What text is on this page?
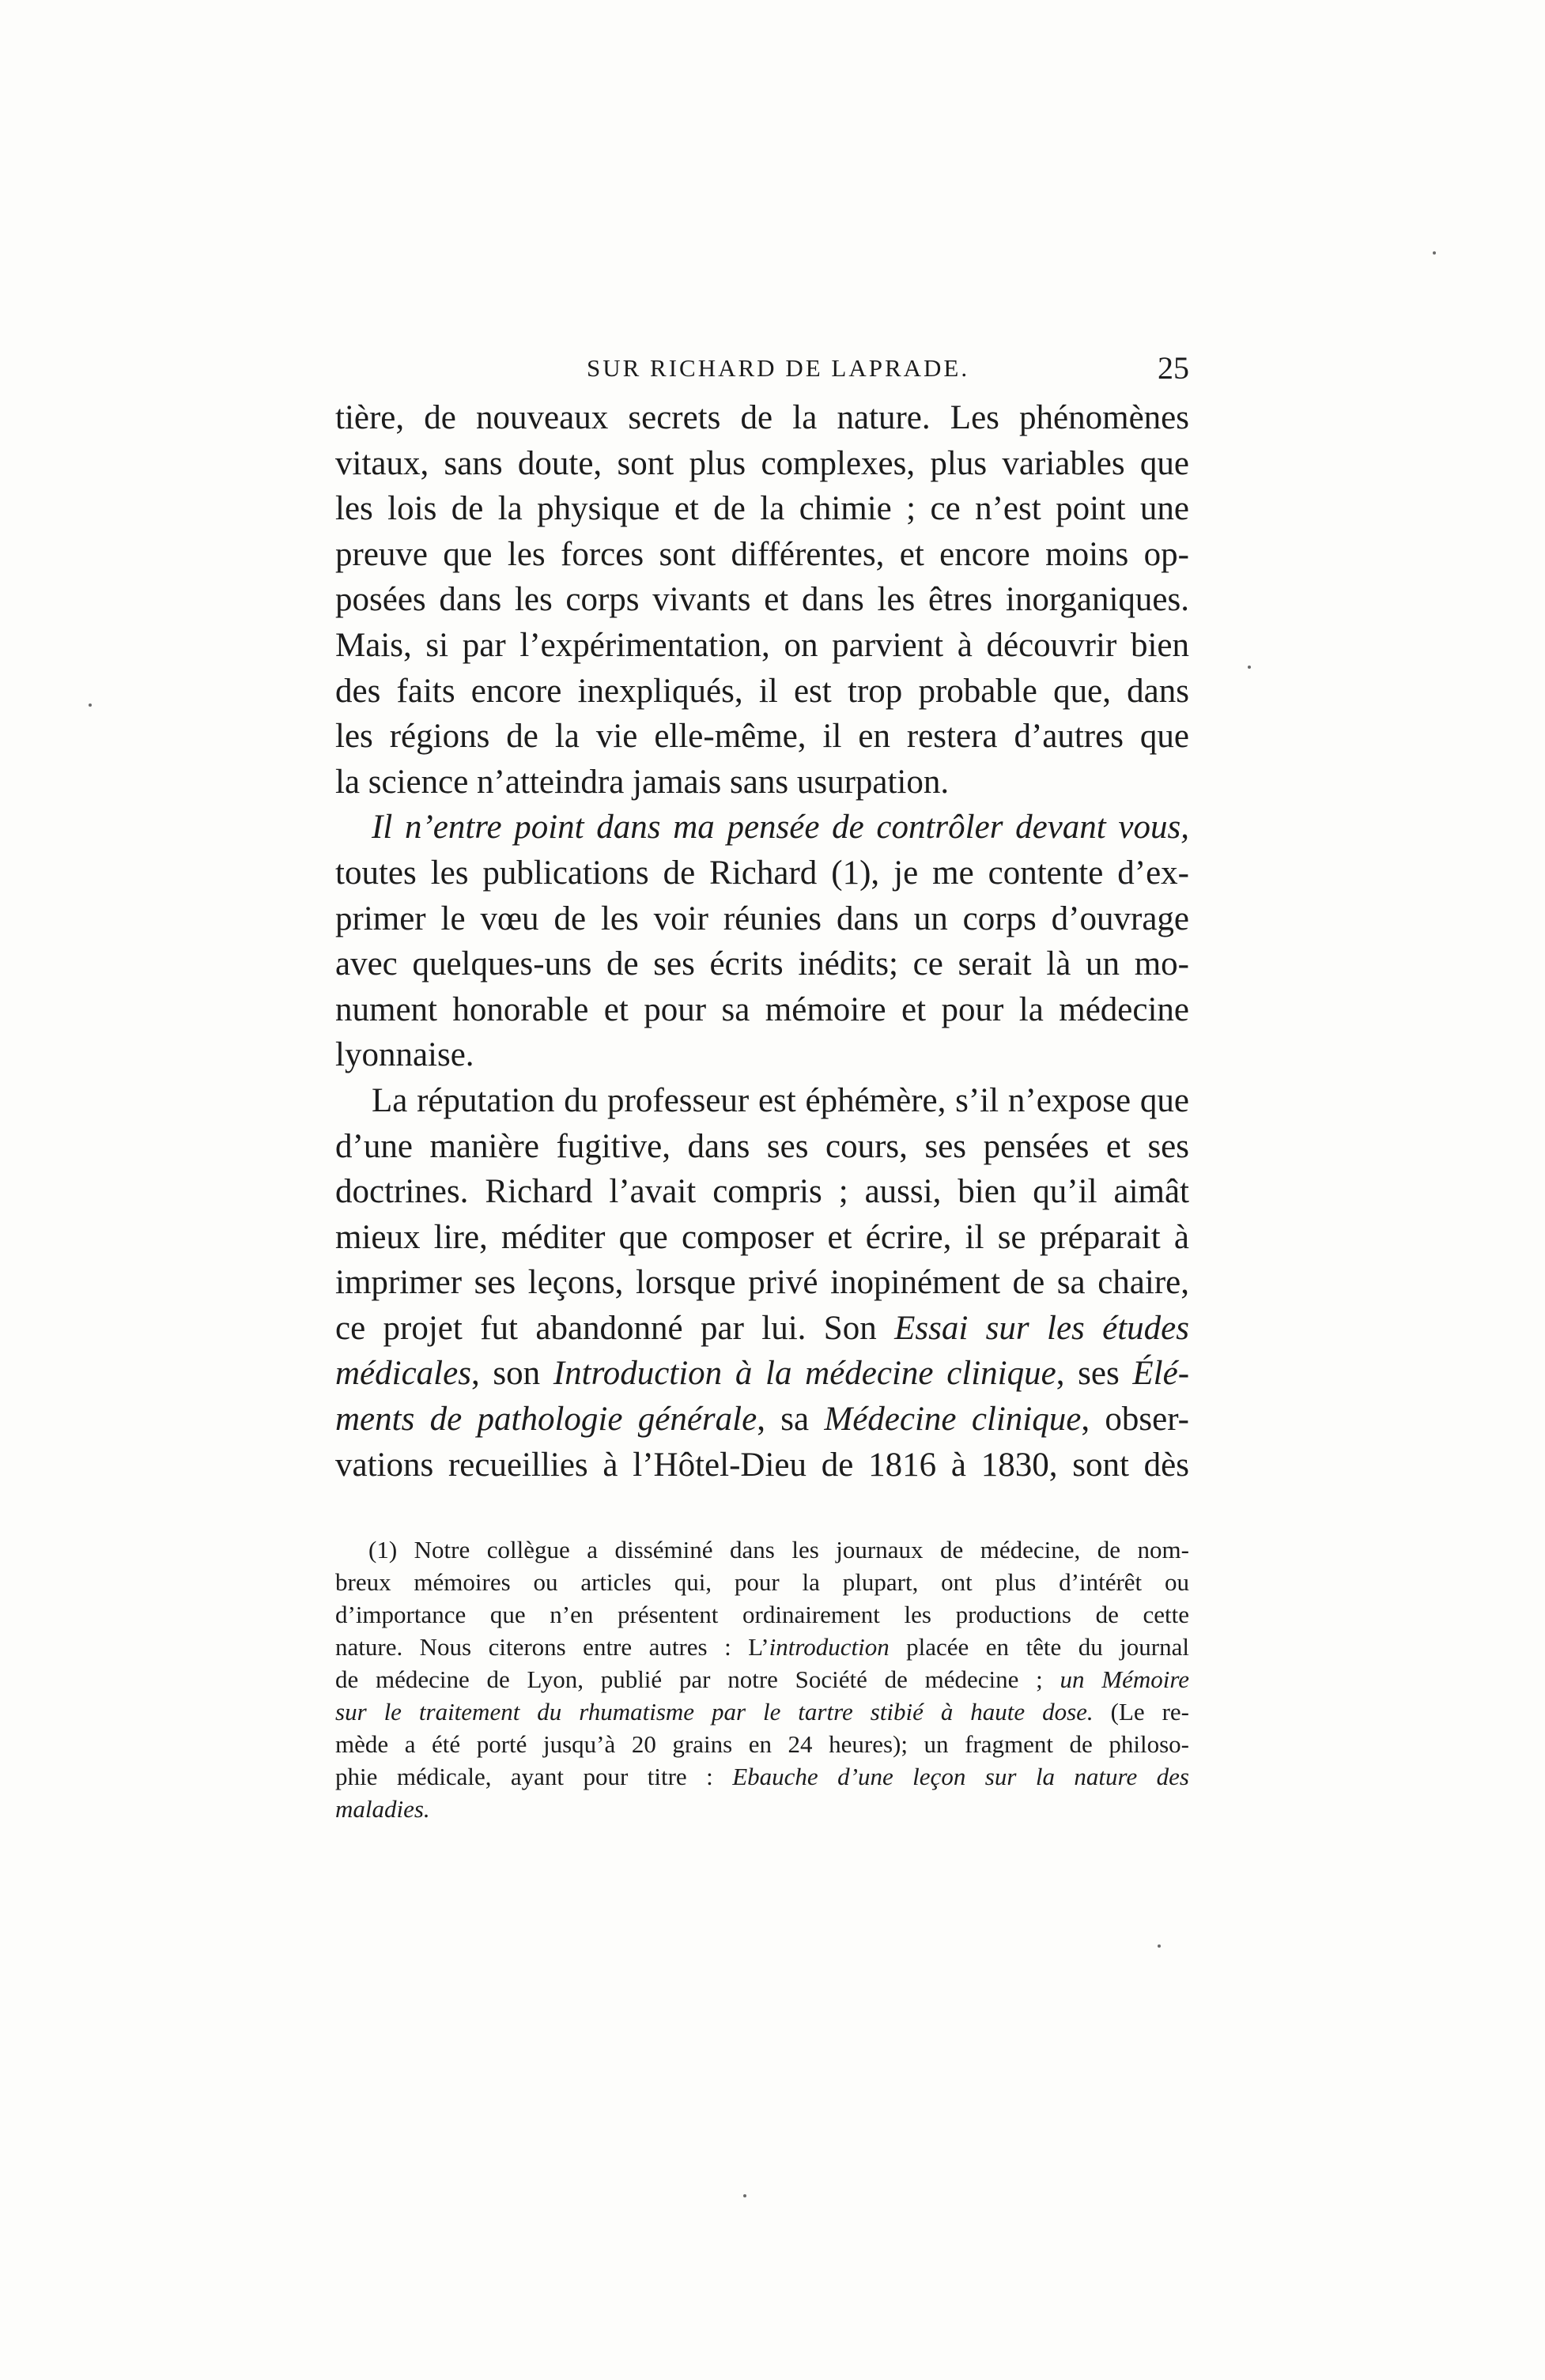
SUR RICHARD DE LAPRADE.	25
tière, de nouveaux secrets de la nature. Les phénomènes
vitaux, sans doute, sont plus complexes, plus variables que
les lois de la physique et de la chimie ; ce n’est point une
preuve que les forces sont différentes, et encore moins op-
posées dans les corps vivants et dans les êtres inorganiques.
Mais, si par l’expérimentation, on parvient à découvrir bien
des faits encore inexpliqués, il est trop probable que, dans
les régions de la vie elle-même, il en restera d’autres que
la science n’atteindra jamais sans usurpation.
Il n’entre point dans ma pensée de contrôler devant vous,
toutes les publications de Richard (1), je me contente d’ex-
primer le vœu de les voir réunies dans un corps d’ouvrage
avec quelques-uns de ses écrits inédits; ce serait là un mo-
nument honorable et pour sa mémoire et pour la médecine
lyonnaise.
La réputation du professeur est éphémère, s’il n’expose que
d’une manière fugitive, dans ses cours, ses pensées et ses
doctrines. Richard l’avait compris ; aussi, bien qu’il aimât
mieux lire, méditer que composer et écrire, il se préparait à
imprimer ses leçons, lorsque privé inopinément de sa chaire,
ce projet fut abandonné par lui. Son Essai sur les études
médicales, son Introduction à la médecine clinique, ses Élé-
ments de pathologie générale, sa Médecine clinique, obser-
vations recueillies à l’Hôtel-Dieu de 1816 à 1830, sont dès
(1) Notre collègue a disséminé dans les journaux de médecine, de nom-
breux mémoires ou articles qui, pour la plupart, ont plus d’intérêt ou
d’importance que n’en présentent ordinairement les productions de cette
nature. Nous citerons entre autres : L’introduction placée en tête du journal
de médecine de Lyon, publié par notre Société de médecine ; un Mémoire
sur le traitement du rhumatisme par le tartre stibié à haute dose. (Le re-
mède a été porté jusqu’à 20 grains en 24 heures); un fragment de philoso-
phie médicale, ayant pour titre : Ebauche d’une leçon sur la nature des
maladies.
